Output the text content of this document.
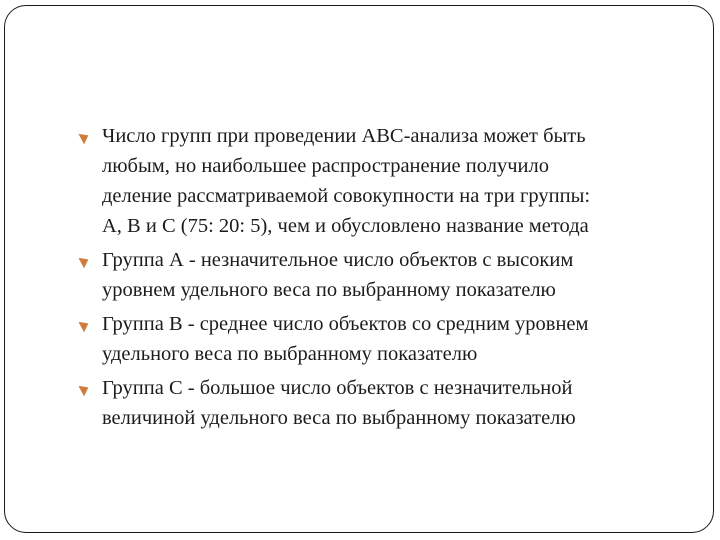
Число групп при проведении ABC-анализа может быть
любым, но наибольшее распространение получило
деление рассматриваемой совокупности на три группы:
А, В и С (75: 20: 5), чем и обусловлено название метода
Группа А - незначительное число объектов с высоким
уровнем удельного веса по выбранному показателю
Группа В - среднее число объектов со средним уровнем
удельного веса по выбранному показателю
Группа С - большое число объектов с незначительной
величиной удельного веса по выбранному показателю
